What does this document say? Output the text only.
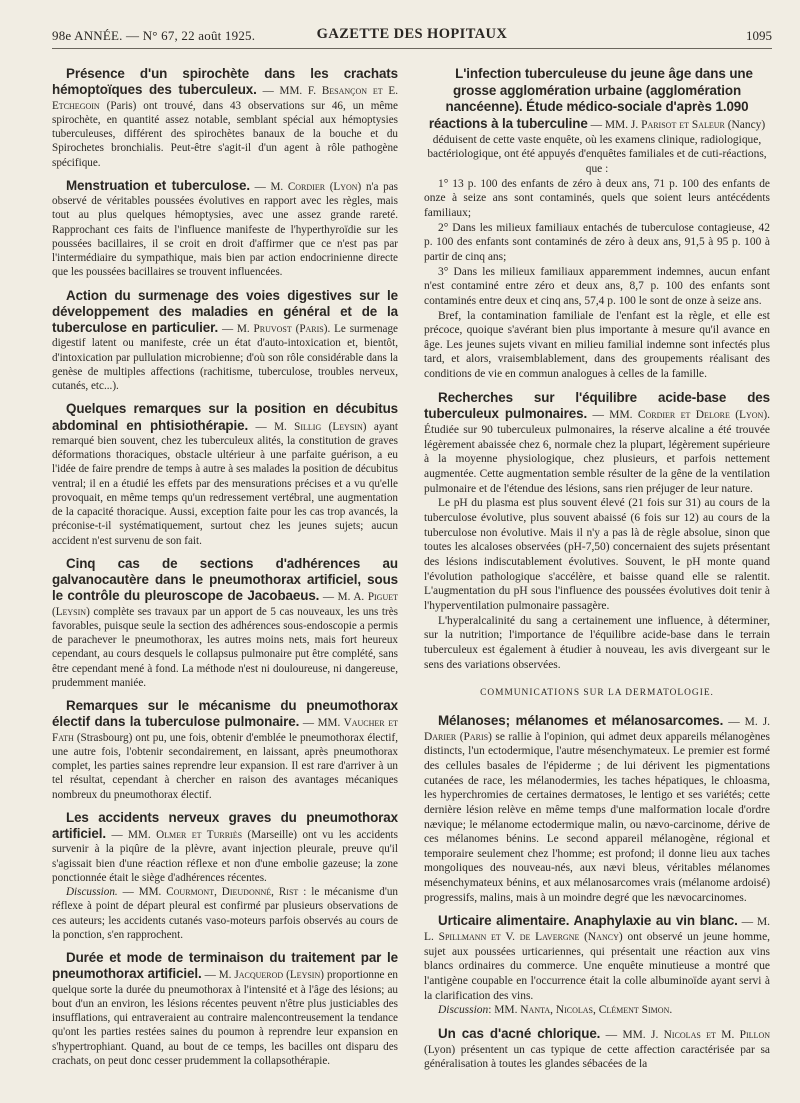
98e ANNÉE. — N° 67, 22 août 1925.	GAZETTE DES HOPITAUX	1095

Présence d'un spirochète dans les crachats hémoptoïques des tuberculeux. — MM. F. Besançon et E. Etchegoin (Paris) ont trouvé, dans 43 observations sur 46, un même spirochète, en quantité assez notable, semblant spécial aux hémoptysies tuberculeuses, différent des spirochètes banaux de la bouche et du Spirochetes bronchialis. Peut-être s'agit-il d'un agent à rôle pathogène spécifique.

Menstruation et tuberculose. — M. Cordier (Lyon) n'a pas observé de véritables poussées évolutives en rapport avec les règles, mais tout au plus quelques hémoptysies, avec une assez grande rareté. Rapprochant ces faits de l'influence manifeste de l'hyperthyroïdie sur les poussées bacillaires, il se croit en droit d'affirmer que ce n'est pas par l'intermédiaire du sympathique, mais bien par action endocrinienne directe que les poussées bacillaires se trouvent influencées.

Action du surmenage des voies digestives sur le développement des maladies en général et de la tuberculose en particulier. — M. Pruvost (Paris). Le surmenage digestif latent ou manifeste, crée un état d'auto-intoxication et, bientôt, d'intoxication par pullulation microbienne; d'où son rôle considérable dans la genèse de multiples affections (rachitisme, tuberculose, troubles nerveux, cutanés, etc...).

Quelques remarques sur la position en décubitus abdominal en phtisiothérapie. — M. Sillig (Leysin) ayant remarqué bien souvent, chez les tuberculeux alités, la constitution de graves déformations thoraciques, obstacle ultérieur à une parfaite guérison, a eu l'idée de faire prendre de temps à autre à ses malades la position de décubitus ventral; il en a étudié les effets par des mensurations précises et a vu qu'elle provoquait, en même temps qu'un redressement vertébral, une augmentation de la capacité thoracique. Aussi, exception faite pour les cas trop avancés, la préconise-t-il systématiquement, surtout chez les jeunes sujets; aucun accident n'est survenu de son fait.

Cinq cas de sections d'adhérences au galvanocautère dans le pneumothorax artificiel, sous le contrôle du pleuroscope de Jacobaeus. — M. A. Piguet (Leysin) complète ses travaux par un apport de 5 cas nouveaux, les uns très favorables, puisque seule la section des adhérences sous-endoscopie a permis de parachever le pneumothorax, les autres moins nets, mais fort heureux cependant, au cours desquels le collapsus pulmonaire put être complété, sans être cependant mené à fond. La méthode n'est ni douloureuse, ni dangereuse, prudemment maniée.

Remarques sur le mécanisme du pneumothorax électif dans la tuberculose pulmonaire. — MM. Vaucher et Fath (Strasbourg) ont pu, une fois, obtenir d'emblée le pneumothorax électif, une autre fois, l'obtenir secondairement, en laissant, après pneumothorax complet, les parties saines reprendre leur expansion. Il est rare d'arriver à un tel résultat, cependant à chercher en raison des avantages mécaniques nombreux du pneumothorax électif.

Les accidents nerveux graves du pneumothorax artificiel. — MM. Olmer et Turriès (Marseille) ont vu les accidents survenir à la piqûre de la plèvre, avant injection pleurale, preuve qu'il s'agissait bien d'une réaction réflexe et non d'une embolie gazeuse; la zone ponctionnée était le siège d'adhérences récentes.

Discussion. — MM. Courmont, Dieudonné, Rist : le mécanisme d'un réflexe à point de départ pleural est confirmé par plusieurs observations de ces auteurs; les accidents cutanés vaso-moteurs parfois observés au cours de la ponction, s'en rapprochent.

Durée et mode de terminaison du traitement par le pneumothorax artificiel. — M. Jacquerod (Leysin) proportionne en quelque sorte la durée du pneumothorax à l'intensité et à l'âge des lésions; au bout d'un an environ, les lésions récentes peuvent n'être plus justiciables des insufflations, qui entraveraient au contraire malencontreusement la tendance qu'ont les parties restées saines du poumon à reprendre leur expansion en s'hypertrophiant. Quand, au bout de ce temps, les bacilles ont disparu des crachats, on peut donc cesser prudemment la collapsothérapie.

L'infection tuberculeuse du jeune âge dans une grosse agglomération urbaine (agglomération nancéenne). Étude médico-sociale d'après 1.090 réactions à la tuberculine — MM. J. Parisot et Saleur (Nancy) déduisent de cette vaste enquête, où les examens clinique, radiologique, bactériologique, ont été appuyés d'enquêtes familiales et de cuti-réactions, que :

1° 13 p. 100 des enfants de zéro à deux ans, 71 p. 100 des enfants de onze à seize ans sont contaminés, quels que soient leurs antécédents familiaux;

2° Dans les milieux familiaux entachés de tuberculose contagieuse, 42 p. 100 des enfants sont contaminés de zéro à deux ans, 91,5 à 95 p. 100 à partir de cinq ans;

3° Dans les milieux familiaux apparemment indemnes, aucun enfant n'est contaminé entre zéro et deux ans, 8,7 p. 100 des enfants sont contaminés entre deux et cinq ans, 57,4 p. 100 le sont de onze à seize ans.

Bref, la contamination familiale de l'enfant est la règle, et elle est précoce, quoique s'avérant bien plus importante à mesure qu'il avance en âge. Les jeunes sujets vivant en milieu familial indemne sont infectés plus tard, et alors, vraisemblablement, dans des groupements réalisant des conditions de vie en commun analogues à celles de la famille.

Recherches sur l'équilibre acide-base des tuberculeux pulmonaires. — MM. Cordier et Delore (Lyon). Étudiée sur 90 tuberculeux pulmonaires, la réserve alcaline a été trouvée légèrement abaissée chez 6, normale chez la plupart, légèrement supérieure à la moyenne physiologique, chez plusieurs, et parfois nettement augmentée. Cette augmentation semble résulter de la gêne de la ventilation pulmonaire et de l'étendue des lésions, sans rien préjuger de leur nature.

Le pH du plasma est plus souvent élevé (21 fois sur 31) au cours de la tuberculose évolutive, plus souvent abaissé (6 fois sur 12) au cours de la tuberculose non évolutive. Mais il n'y a pas là de règle absolue, sinon que toutes les alcaloses observées (pH-7,50) concernaient des sujets présentant des lésions indiscutablement évolutives. Souvent, le pH monte quand l'évolution pathologique s'accélère, et baisse quand elle se ralentit. L'augmentation du pH sous l'influence des poussées évolutives doit tenir à l'hyperventilation pulmonaire passagère.

L'hyperalcalinité du sang a certainement une influence, à déterminer, sur la nutrition; l'importance de l'équilibre acide-base dans le terrain tuberculeux est également à étudier à nouveau, les avis divergeant sur le sens des variations observées.

COMMUNICATIONS SUR LA DERMATOLOGIE.

Mélanoses; mélanomes et mélanosarcomes. — M. J. Darier (Paris) se rallie à l'opinion, qui admet deux appareils mélanogènes distincts, l'un ectodermique, l'autre mésenchymateux. Le premier est formé des cellules basales de l'épiderme ; de lui dérivent les pigmentations cutanées de race, les mélanodermies, les taches hépatiques, le chloasma, les hyperchromies de certaines dermatoses, le lentigo et ses variétés; cette dernière lésion relève en même temps d'une malformation locale d'ordre nævique; le mélanome ectodermique malin, ou nævo-carcinome, dérive de ces mélanomes bénins. Le second appareil mélanogène, régional et temporaire seulement chez l'homme; est profond; il donne lieu aux taches mongoliques des nouveau-nés, aux nævi bleus, véritables mélanomes mésenchymateux bénins, et aux mélanosarcomes vrais (mélanome ardoisé) progressifs, malins, mais à un moindre degré que les nævocarcinomes.

Urticaire alimentaire. Anaphylaxie au vin blanc. — M. L. Spillmann et V. de Lavergne (Nancy) ont observé un jeune homme, sujet aux poussées urticariennes, qui présentait une réaction aux vins blancs ordinaires du commerce. Une enquête minutieuse a montré que l'antigène coupable en l'occurrence était la colle albuminoïde ayant servi à la clarification des vins.

Discussion: MM. Nanta, Nicolas, Clément Simon.

Un cas d'acné chlorique. — MM. J. Nicolas et M. Pillon (Lyon) présentent un cas typique de cette affection caractérisée par sa généralisation à toutes les glandes sébacées de la
